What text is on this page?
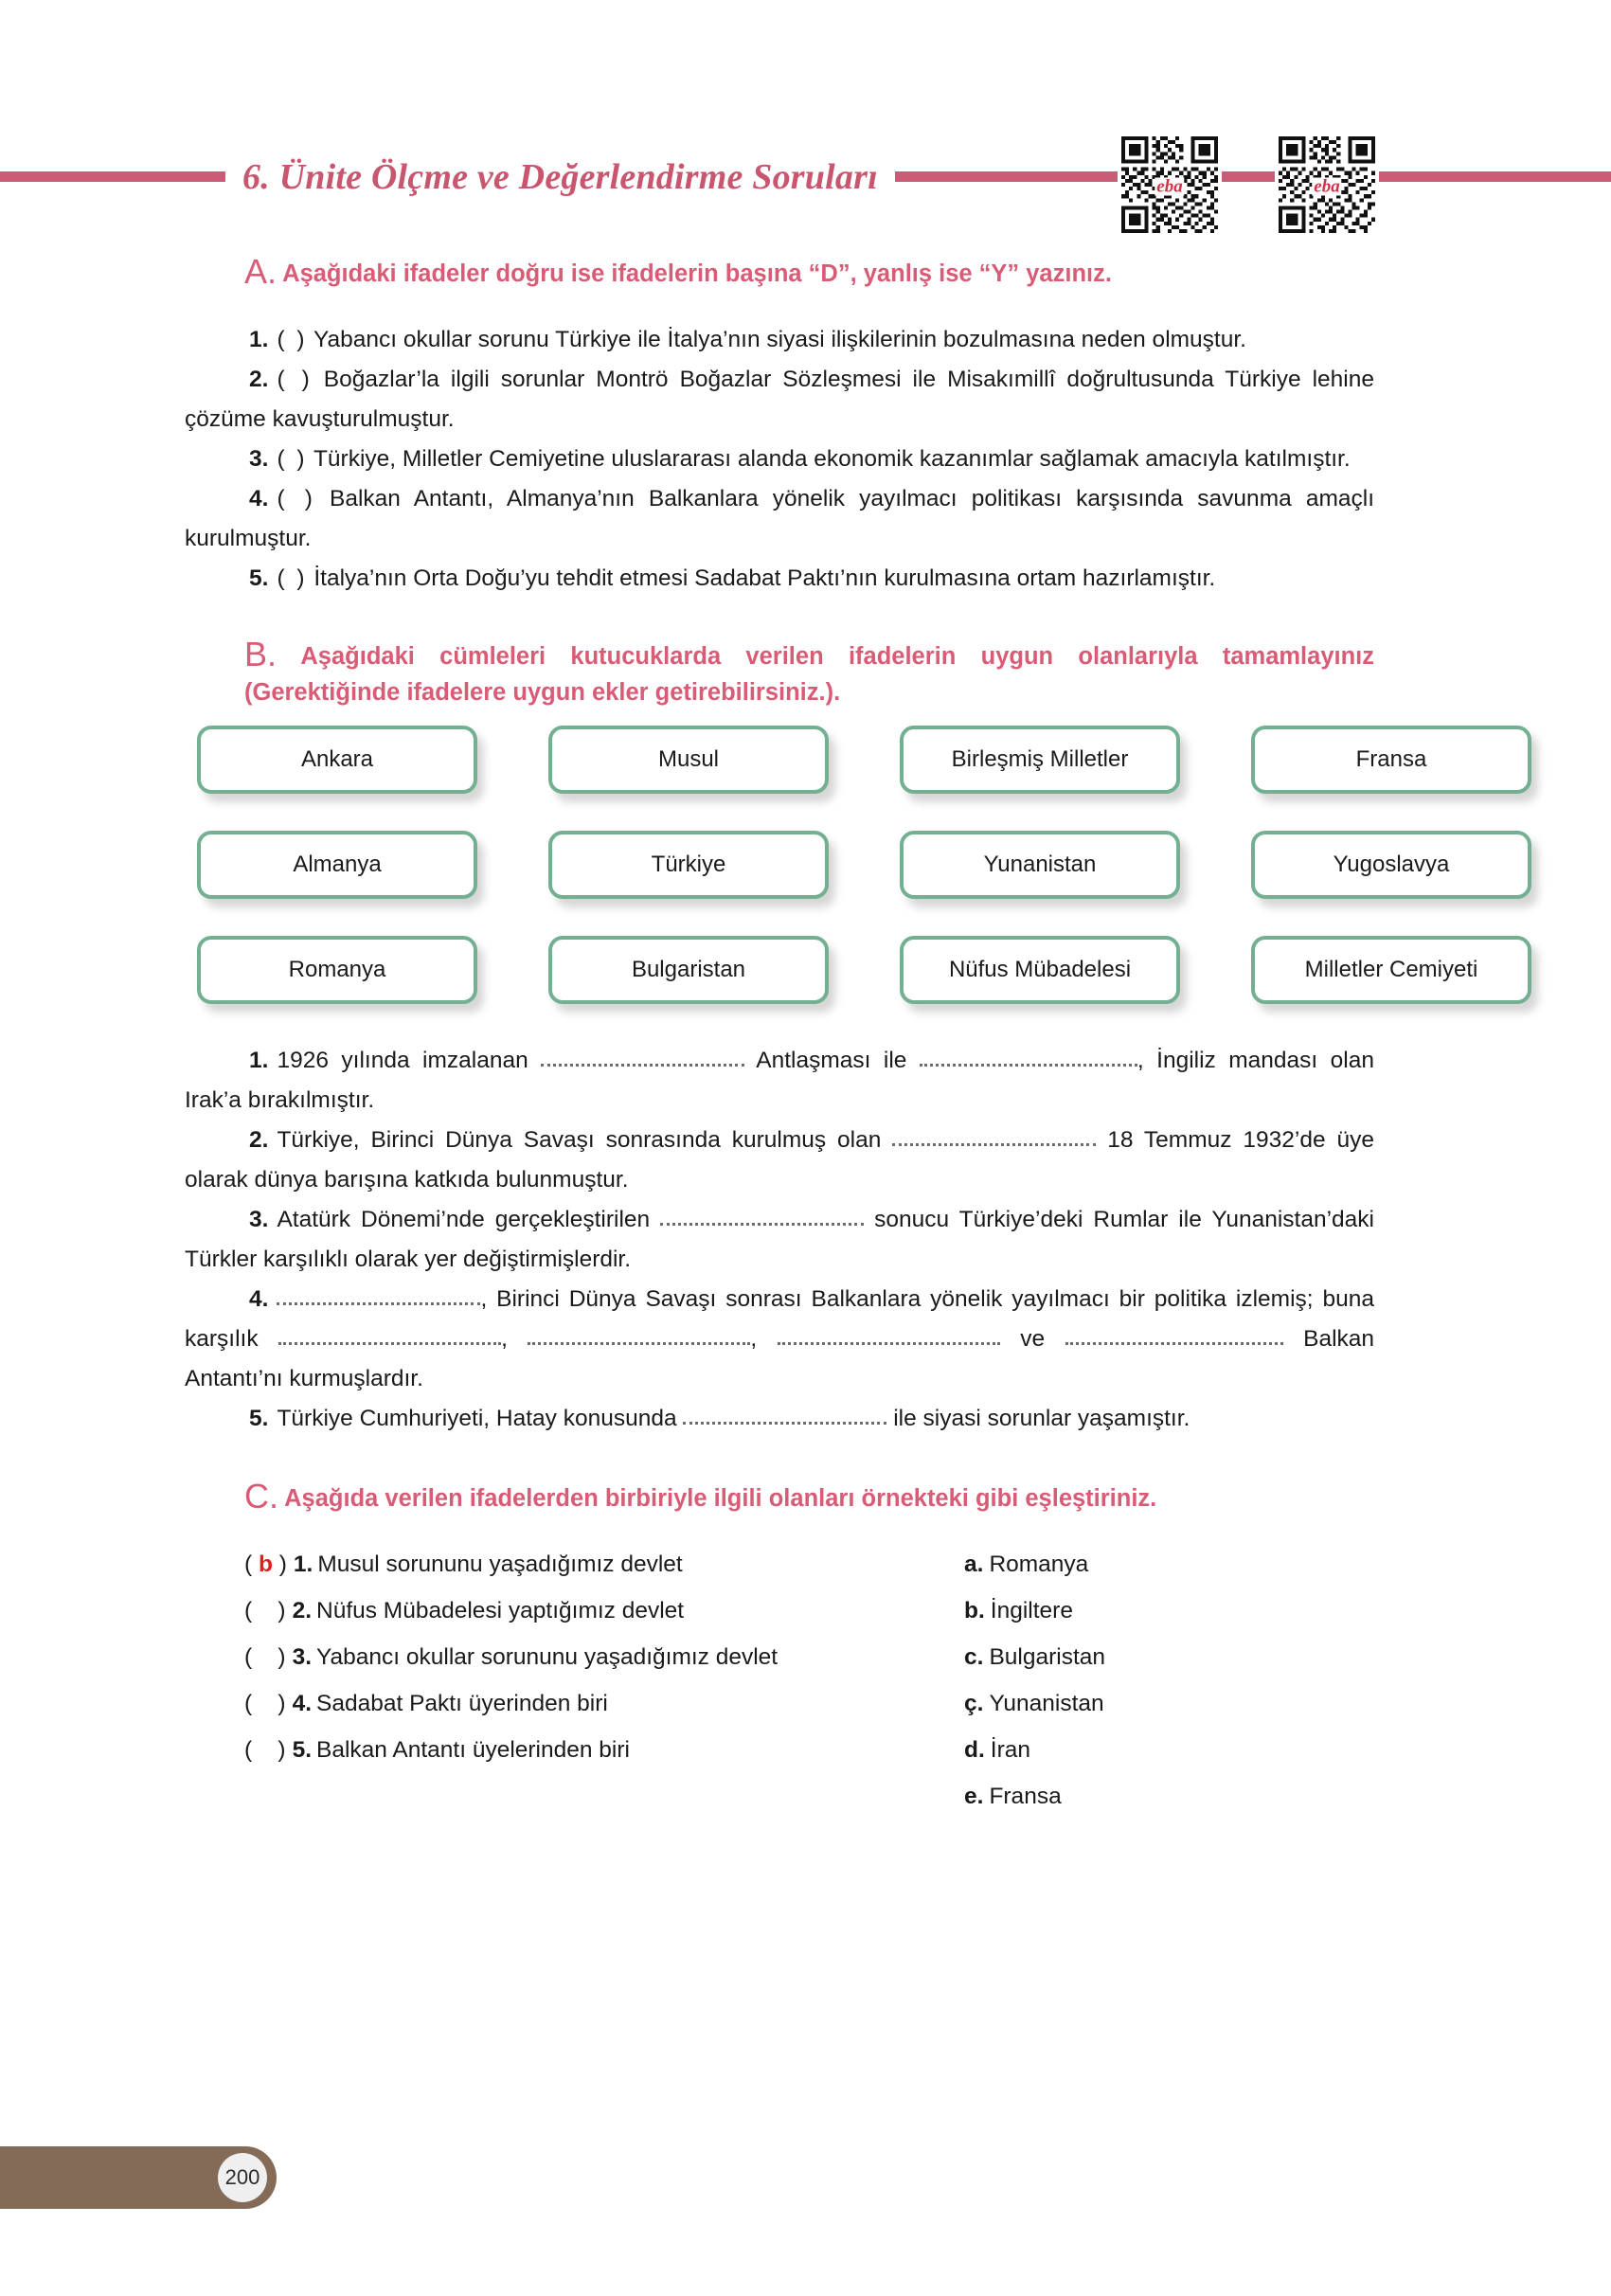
6. Ünite Ölçme ve Değerlendirme Soruları	eba	eba

A. Aşağıdaki ifadeler doğru ise ifadelerin başına “D”, yanlış ise “Y” yazınız.

1. ( ) Yabancı okullar sorunu Türkiye ile İtalya’nın siyasi ilişkilerinin bozulmasına neden olmuştur.

2. ( ) Boğazlar’la ilgili sorunlar Montrö Boğazlar Sözleşmesi ile Misakımillî doğrultusunda Türkiye lehine çözüme kavuşturulmuştur.

3. ( ) Türkiye, Milletler Cemiyetine uluslararası alanda ekonomik kazanımlar sağlamak amacıyla katılmıştır.

4. ( ) Balkan Antantı, Almanya’nın Balkanlara yönelik yayılmacı politikası karşısında savunma amaçlı kurulmuştur.

5. ( ) İtalya’nın Orta Doğu’yu tehdit etmesi Sadabat Paktı’nın kurulmasına ortam hazırlamıştır.

B. Aşağıdaki cümleleri kutucuklarda verilen ifadelerin uygun olanlarıyla tamamlayınız (Gerektiğinde ifadelere uygun ekler getirebilirsiniz.).

Ankara	Musul	Birleşmiş Milletler	Fransa
Almanya	Türkiye	Yunanistan	Yugoslavya
Romanya	Bulgaristan	Nüfus Mübadelesi	Milletler Cemiyeti

1. 1926 yılında imzalanan	Antlaşması ile	, İngiliz mandası olan Irak’a bırakılmıştır.

2. Türkiye, Birinci Dünya Savaşı sonrasında kurulmuş olan	18 Temmuz 1932’de üye olarak dünya barışına katkıda bulunmuştur.

3. Atatürk Dönemi’nde gerçekleştirilen	sonucu Türkiye’deki Rumlar ile Yunanistan’daki Türkler karşılıklı olarak yer değiştirmişlerdir.

4.	, Birinci Dünya Savaşı sonrası Balkanlara yönelik yayılmacı bir politika izlemiş; buna karşılık	,	,	ve	Balkan Antantı’nı kurmuşlardır.

5. Türkiye Cumhuriyeti, Hatay konusunda	ile siyasi sorunlar yaşamıştır.

C. Aşağıda verilen ifadelerden birbiriyle ilgili olanları örnekteki gibi eşleştiriniz.

( b ) 1. Musul sorununu yaşadığımız devlet
(    ) 2. Nüfus Mübadelesi yaptığımız devlet
(    ) 3. Yabancı okullar sorununu yaşadığımız devlet
(    ) 4. Sadabat Paktı üyerinden biri
(    ) 5. Balkan Antantı üyelerinden biri
a. Romanya
b. İngiltere
c. Bulgaristan
ç. Yunanistan
d. İran
e. Fransa
200
